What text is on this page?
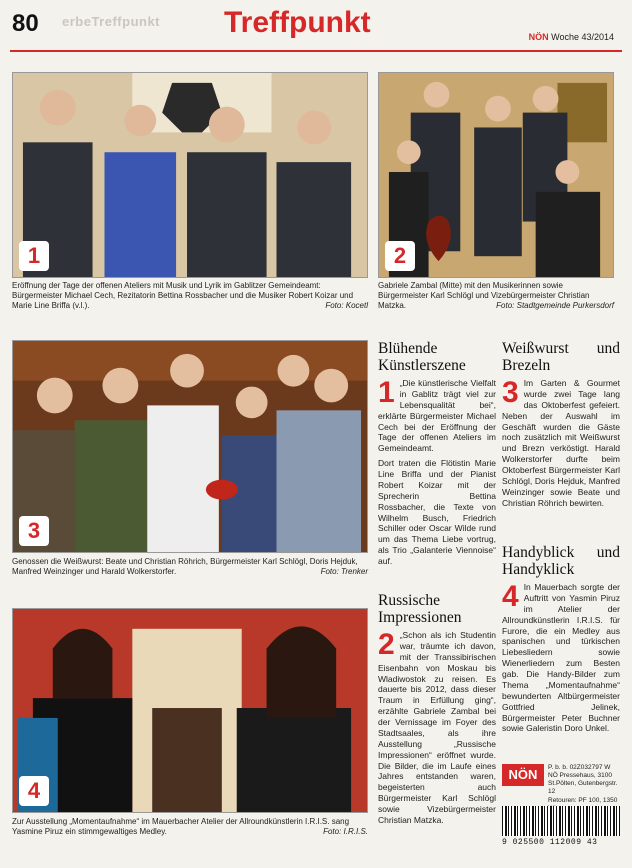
80 erbeTreffpunkt Treffpunkt	NÖN Woche 43/2014
1
Eröffnung der Tage der offenen Ateliers mit Musik und Lyrik im Gablitzer Gemeindeamt: Bürgermeister Michael Cech, Rezitatorin Bettina Rossbacher und die Musiker Robert Koizar und Marie Line Briffa (v.l.).	Foto: Kocetl
2
Gabriele Zambal (Mitte) mit den Musikerinnen sowie Bürgermeister Karl Schlögl und Vizebürgermeister Christian Matzka.	Foto: Stadtgemeinde Purkersdorf
3
Genossen die Weißwurst: Beate und Christian Röhrich, Bürgermeister Karl Schlögl, Doris Hejduk, Manfred Weinzinger und Harald Wolkerstorfer.	Foto: Trenker
4
Zur Ausstellung „Momentaufnahme“ im Mauerbacher Atelier der Allroundkünstlerin I.R.I.S. sang Yasmine Piruz ein stimmgewaltiges Medley.	Foto: I.R.I.S.
Blühende Künstlerszene

1 „Die künstlerische Vielfalt in Gablitz trägt viel zur Lebensqualität bei“, erklärte Bürgermeister Michael Cech bei der Eröffnung der Tage der offenen Ateliers im Gemeindeamt.

Dort traten die Flötistin Marie Line Briffa und der Pianist Robert Koizar mit der Sprecherin Bettina Rossbacher, die Texte von Wilhelm Busch, Friedrich Schiller oder Oscar Wilde rund um das Thema Liebe vortrug, als Trio „Galanterie Viennoise“ auf.

Weißwurst und Brezeln

3 Im Garten & Gourmet wurde zwei Tage lang das Oktoberfest gefeiert. Neben der Auswahl im Geschäft wurden die Gäste noch zusätzlich mit Weißwurst und Brezn verköstigt. Harald Wolkerstorfer durfte beim Oktoberfest Bürgermeister Karl Schlögl, Doris Hejduk, Manfred Weinzinger sowie Beate und Christian Röhrich bewirten.

Russische Impressionen

2 „Schon als ich Studentin war, träumte ich davon, mit der Transsibirischen Eisenbahn von Moskau bis Wladiwostok zu reisen. Es dauerte bis 2012, dass dieser Traum in Erfüllung ging“, erzählte Gabriele Zambal bei der Vernissage im Foyer des Stadtsaales, als ihre Ausstellung „Russische Impressionen“ eröffnet wurde. Die Bilder, die im Laufe eines Jahres entstanden waren, begeisterten auch Bürgermeister Karl Schlögl sowie Vizebürgermeister Christian Matzka.

Handyblick und Handyklick

4 In Mauerbach sorgte der Auftritt von Yasmin Piruz im Atelier der Allroundkünstlerin I.R.I.S. für Furore, die ein Medley aus spanischen und türkischen Liebesliedern sowie Wienerliedern zum Besten gab. Die Handy-Bilder zum Thema „Momentaufnahme“ bewunderten Altbürgermeister Gottfried Jelinek, Bürgermeister Peter Buchner sowie Galeristin Doro Unkel.

NÖN	P. b. b. 02Z032797 W
NÖ Pressehaus, 3100
St.Pölten, Gutenbergstr. 12
Retouren: PF 100, 1350
9 025500 112009 43
